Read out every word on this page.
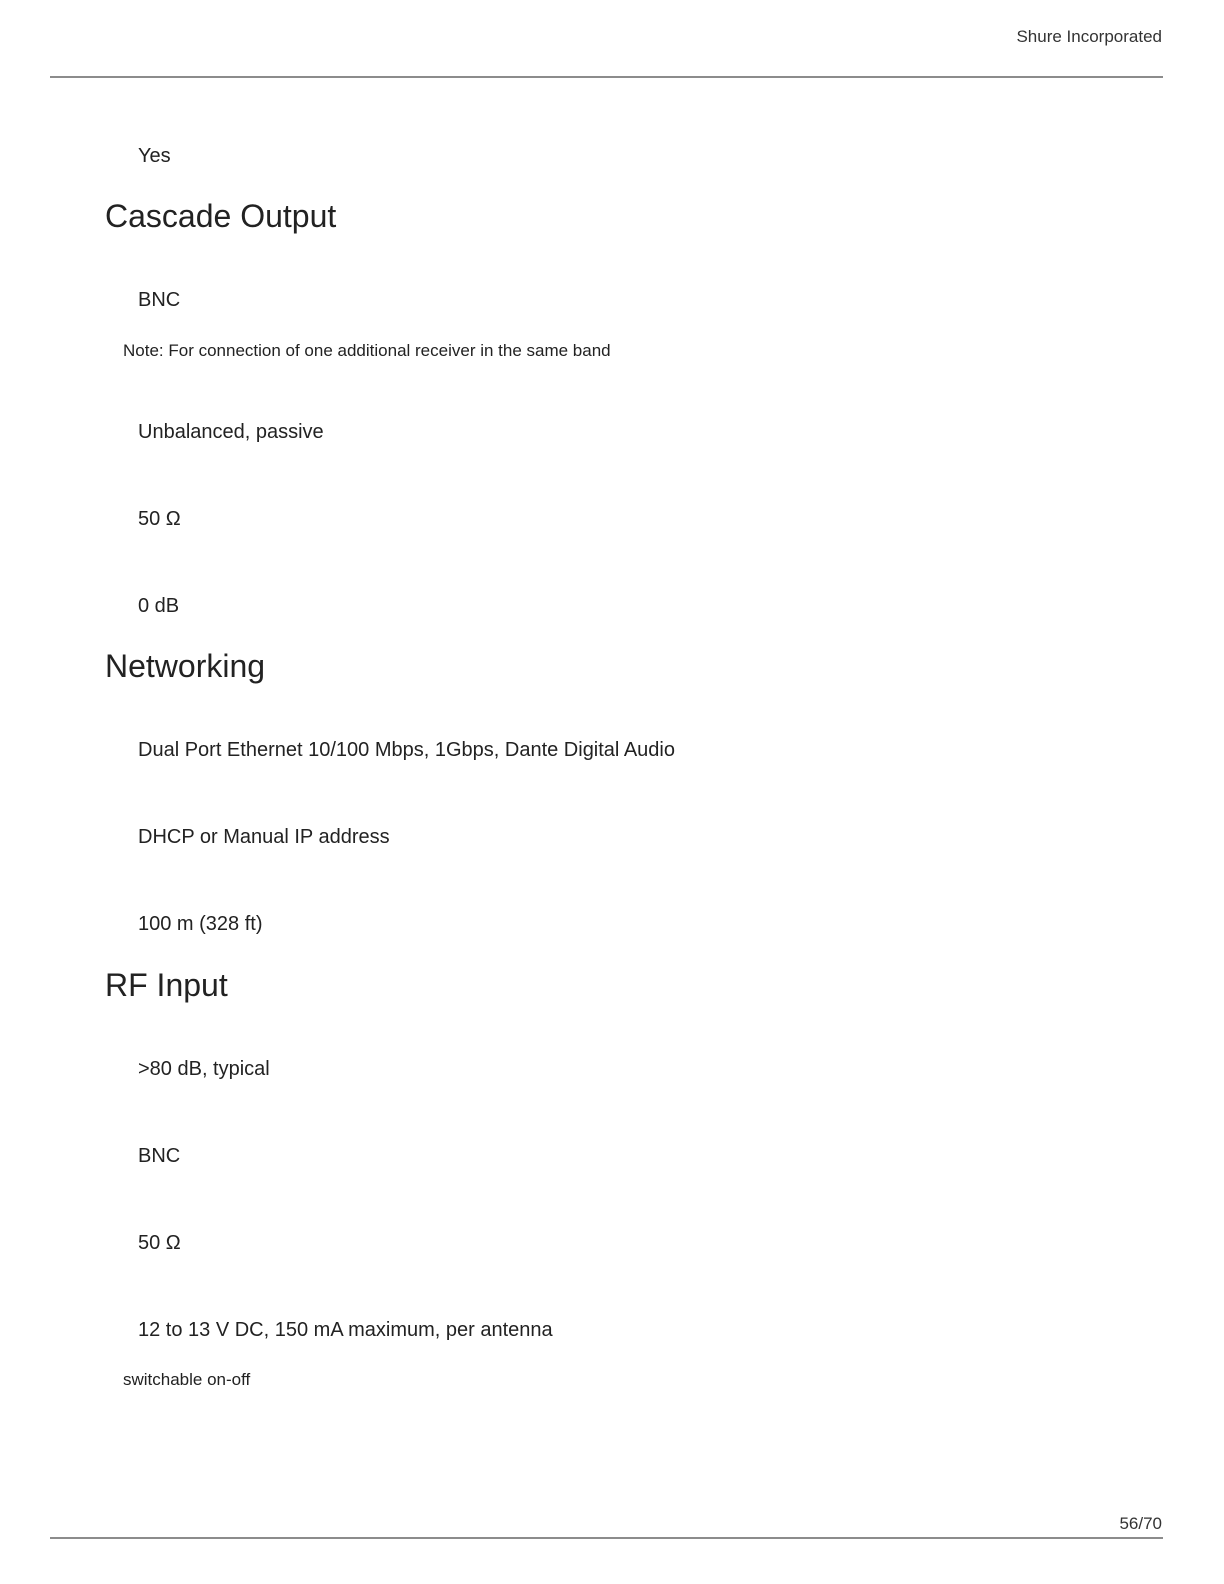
Shure Incorporated
Yes
Cascade Output
BNC
Note: For connection of one additional receiver in the same band
Unbalanced, passive
50 Ω
0 dB
Networking
Dual Port Ethernet 10/100 Mbps, 1Gbps, Dante Digital Audio
DHCP or Manual IP address
100 m (328 ft)
RF Input
>80 dB, typical
BNC
50 Ω
12 to 13 V DC, 150 mA maximum, per antenna
switchable on-off
56/70
